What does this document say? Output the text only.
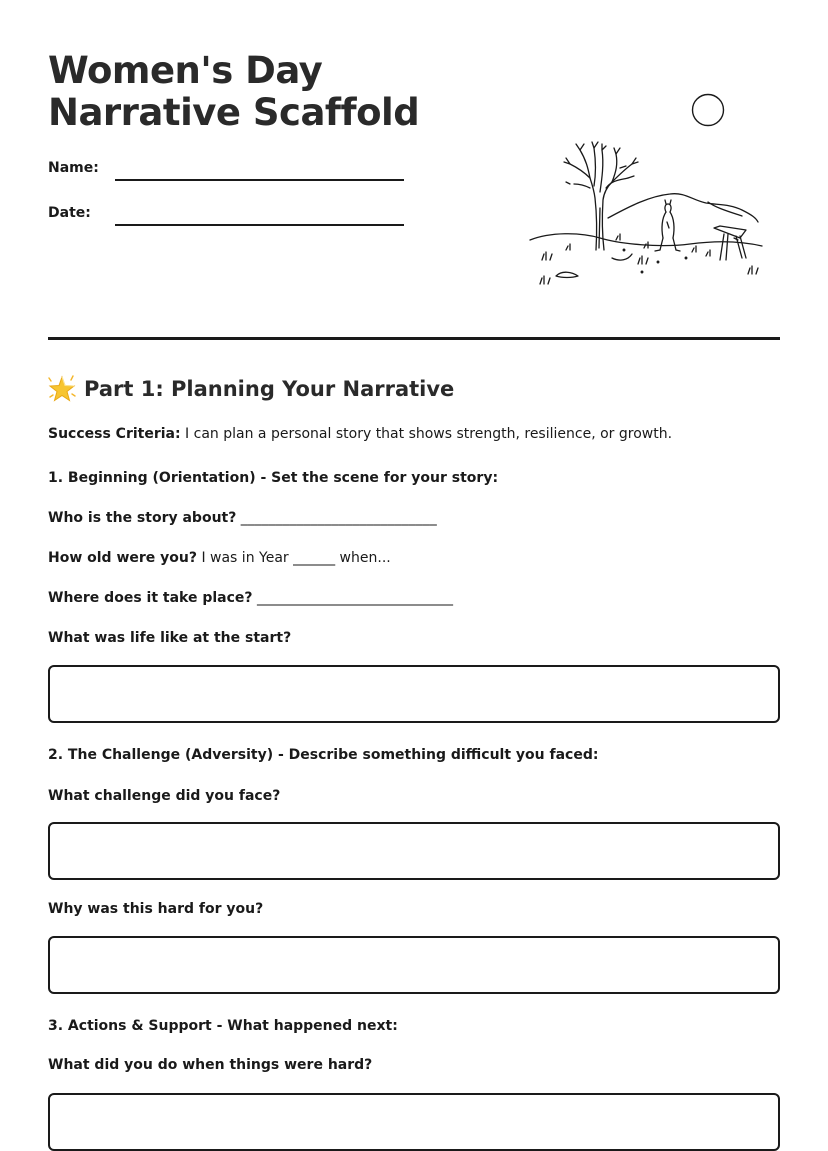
Women's Day Narrative Scaffold
Name:
Date:
Part 1: Planning Your Narrative
Success Criteria: I can plan a personal story that shows strength, resilience, or growth.
1. Beginning (Orientation) - Set the scene for your story:
Who is the story about? ____________________________
How old were you? I was in Year ______ when...
Where does it take place? ____________________________
What was life like at the start?
2. The Challenge (Adversity) - Describe something difficult you faced:
What challenge did you face?
Why was this hard for you?
3. Actions & Support - What happened next:
What did you do when things were hard?
